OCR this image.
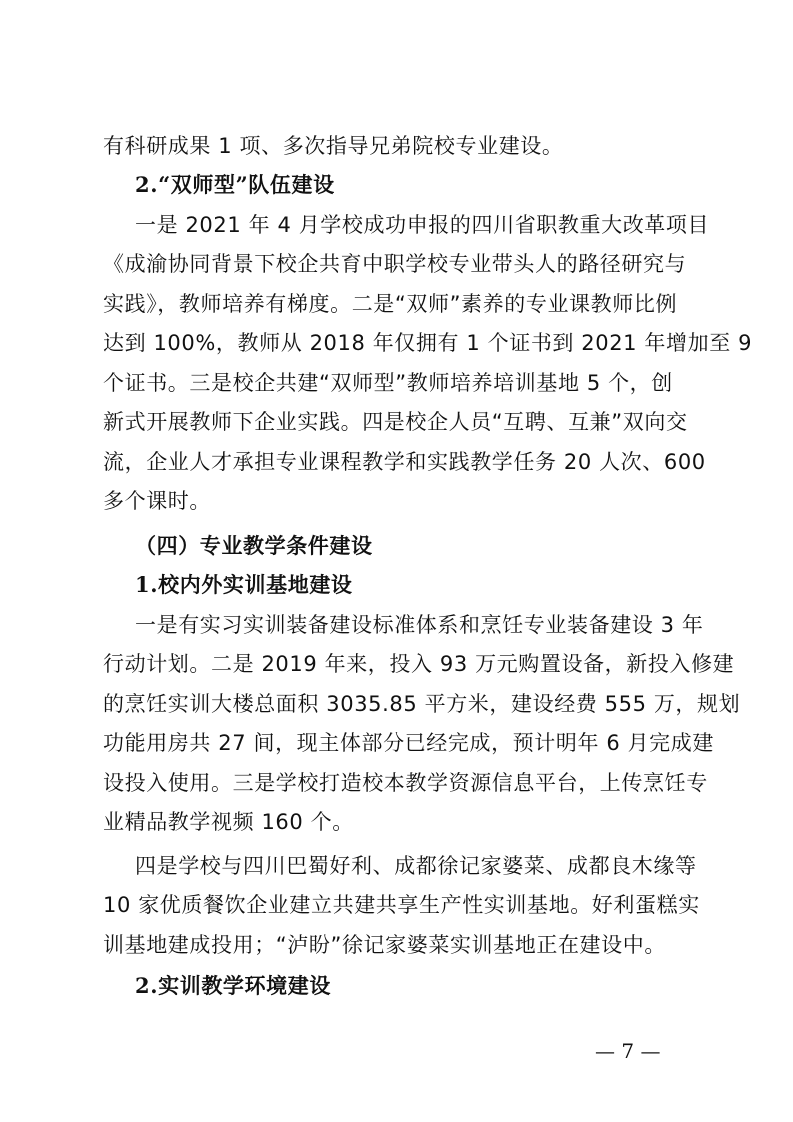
有科研成果 1 项、多次指导兄弟院校专业建设。
2.“双师型”队伍建设
一是 2021 年 4 月学校成功申报的四川省职教重大改革项目
《成渝协同背景下校企共育中职学校专业带头人的路径研究与
实践》，教师培养有梯度。二是“双师”素养的专业课教师比例
达到 100%，教师从 2018 年仅拥有 1 个证书到 2021 年增加至 9
个证书。三是校企共建“双师型”教师培养培训基地 5 个，创
新式开展教师下企业实践。四是校企人员“互聘、互兼”双向交
流，企业人才承担专业课程教学和实践教学任务 20 人次、600
多个课时。
（四）专业教学条件建设
1.校内外实训基地建设
一是有实习实训装备建设标准体系和烹饪专业装备建设 3 年
行动计划。二是 2019 年来，投入 93 万元购置设备，新投入修建
的烹饪实训大楼总面积 3035.85 平方米，建设经费 555 万，规划
功能用房共 27 间，现主体部分已经完成，预计明年 6 月完成建
设投入使用。三是学校打造校本教学资源信息平台，上传烹饪专
业精品教学视频 160 个。
四是学校与四川巴蜀好利、成都徐记家婆菜、成都良木缘等
10 家优质餐饮企业建立共建共享生产性实训基地。好利蛋糕实
训基地建成投用；“泸盼”徐记家婆菜实训基地正在建设中。
2.实训教学环境建设
— 7 —
